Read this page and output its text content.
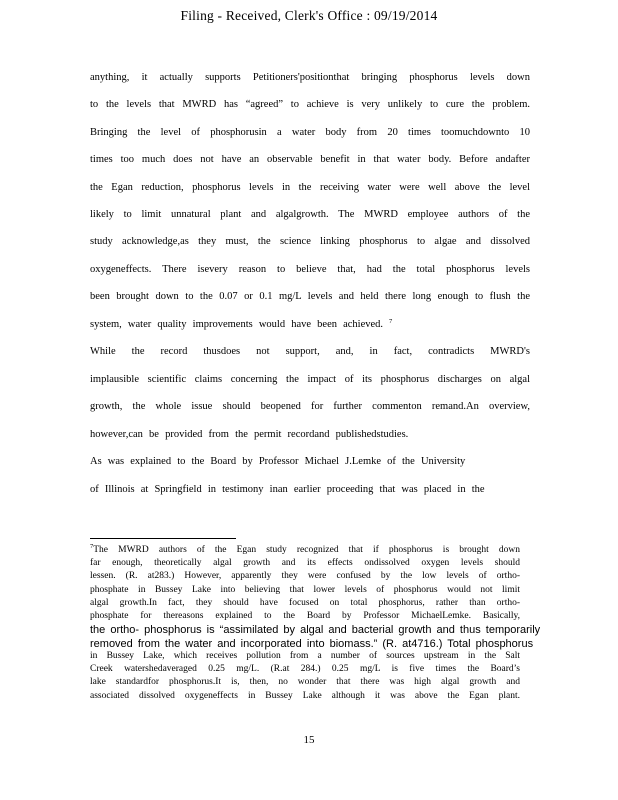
Filing - Received, Clerk's Office : 09/19/2014
anything, it actually supports Petitioners'positionthat bringing phosphorus levels down
to the levels that MWRD has “agreed” to achieve is very unlikely to cure the problem.
Bringing the level of phosphorusin a water body from 20 times toomuchdownto 10
times too much does not have an observable benefit in that water body. Before andafter
the Egan reduction, phosphorus levels in the receiving water were well above the level
likely to limit unnatural plant and algalgrowth. The MWRD employee authors of the
study acknowledge,as they must, the science linking phosphorus to algae and dissolved
oxygeneffects. There isevery reason to believe that, had the total phosphorus levels
been brought down to the 0.07 or 0.1 mg/L levels and held there long enough to flush the
system, water quality improvements would have been achieved. $^7$
While the record thusdoes not support, and, in fact, contradicts MWRD's
implausible scientific claims concerning the impact of its phosphorus discharges on algal
growth, the whole issue should beopened for further commenton remand.An overview,
however,can be provided from the permit recordand publishedstudies.
As was explained to the Board by Professor Michael J.Lemke of the University
of Illinois at Springfield in testimony inan earlier proceeding that was placed in the
$^7$The MWRD authors of the Egan study recognized that if phosphorus is brought down
far enough, theoretically algal growth and its effects ondissolved oxygen levels should
lessen. (R. at283.) However, apparently they were confused by the low levels of ortho-
phosphate in Bussey Lake into believing that lower levels of phosphorus would not limit
algal growth.In fact, they should have focused on total phosphorus, rather than ortho-
phosphate for thereasons explained to the Board by Professor MichaelLemke. Basically,
the ortho- phosphorus is “assimilated by algal and bacterial growth and thus temporarily
removed from the water and incorporated into biomass.” (R. at4716.) Total phosphorus
in Bussey Lake, which receives pollution from a number of sources upstream in the Salt
Creek watershedaveraged 0.25 mg/L. (R.at 284.) 0.25 mg/L is five times the Board’s
lake standardfor phosphorus.It is, then, no wonder that there was high algal growth and
associated dissolved oxygeneffects in Bussey Lake although it was above the Egan plant.
15
